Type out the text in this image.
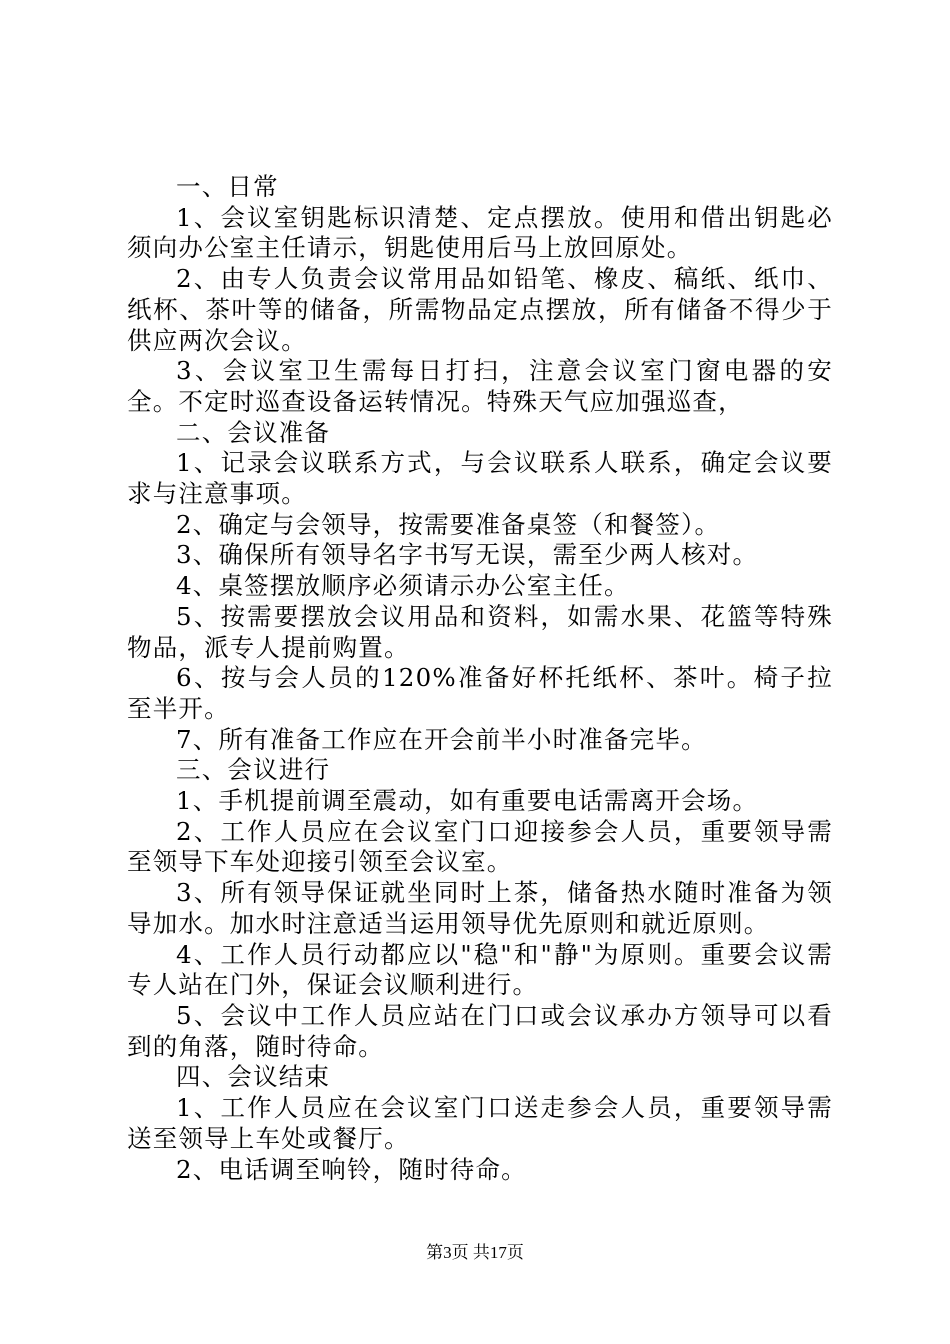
一、日常

1、会议室钥匙标识清楚、定点摆放。使用和借出钥匙必须向办公室主任请示，钥匙使用后马上放回原处。

2、由专人负责会议常用品如铅笔、橡皮、稿纸、纸巾、纸杯、茶叶等的储备，所需物品定点摆放，所有储备不得少于供应两次会议。

3、会议室卫生需每日打扫，注意会议室门窗电器的安全。不定时巡查设备运转情况。特殊天气应加强巡查，

二、会议准备

1、记录会议联系方式，与会议联系人联系，确定会议要求与注意事项。

2、确定与会领导，按需要准备桌签（和餐签）。

3、确保所有领导名字书写无误，需至少两人核对。

4、桌签摆放顺序必须请示办公室主任。

5、按需要摆放会议用品和资料，如需水果、花篮等特殊物品，派专人提前购置。

6、按与会人员的120%准备好杯托纸杯、茶叶。椅子拉至半开。

7、所有准备工作应在开会前半小时准备完毕。

三、会议进行

1、手机提前调至震动，如有重要电话需离开会场。

2、工作人员应在会议室门口迎接参会人员，重要领导需至领导下车处迎接引领至会议室。

3、所有领导保证就坐同时上茶，储备热水随时准备为领导加水。加水时注意适当运用领导优先原则和就近原则。

4、工作人员行动都应以"稳"和"静"为原则。重要会议需专人站在门外，保证会议顺利进行。

5、会议中工作人员应站在门口或会议承办方领导可以看到的角落，随时待命。

四、会议结束

1、工作人员应在会议室门口送走参会人员，重要领导需送至领导上车处或餐厅。

2、电话调至响铃，随时待命。

第3页 共17页
